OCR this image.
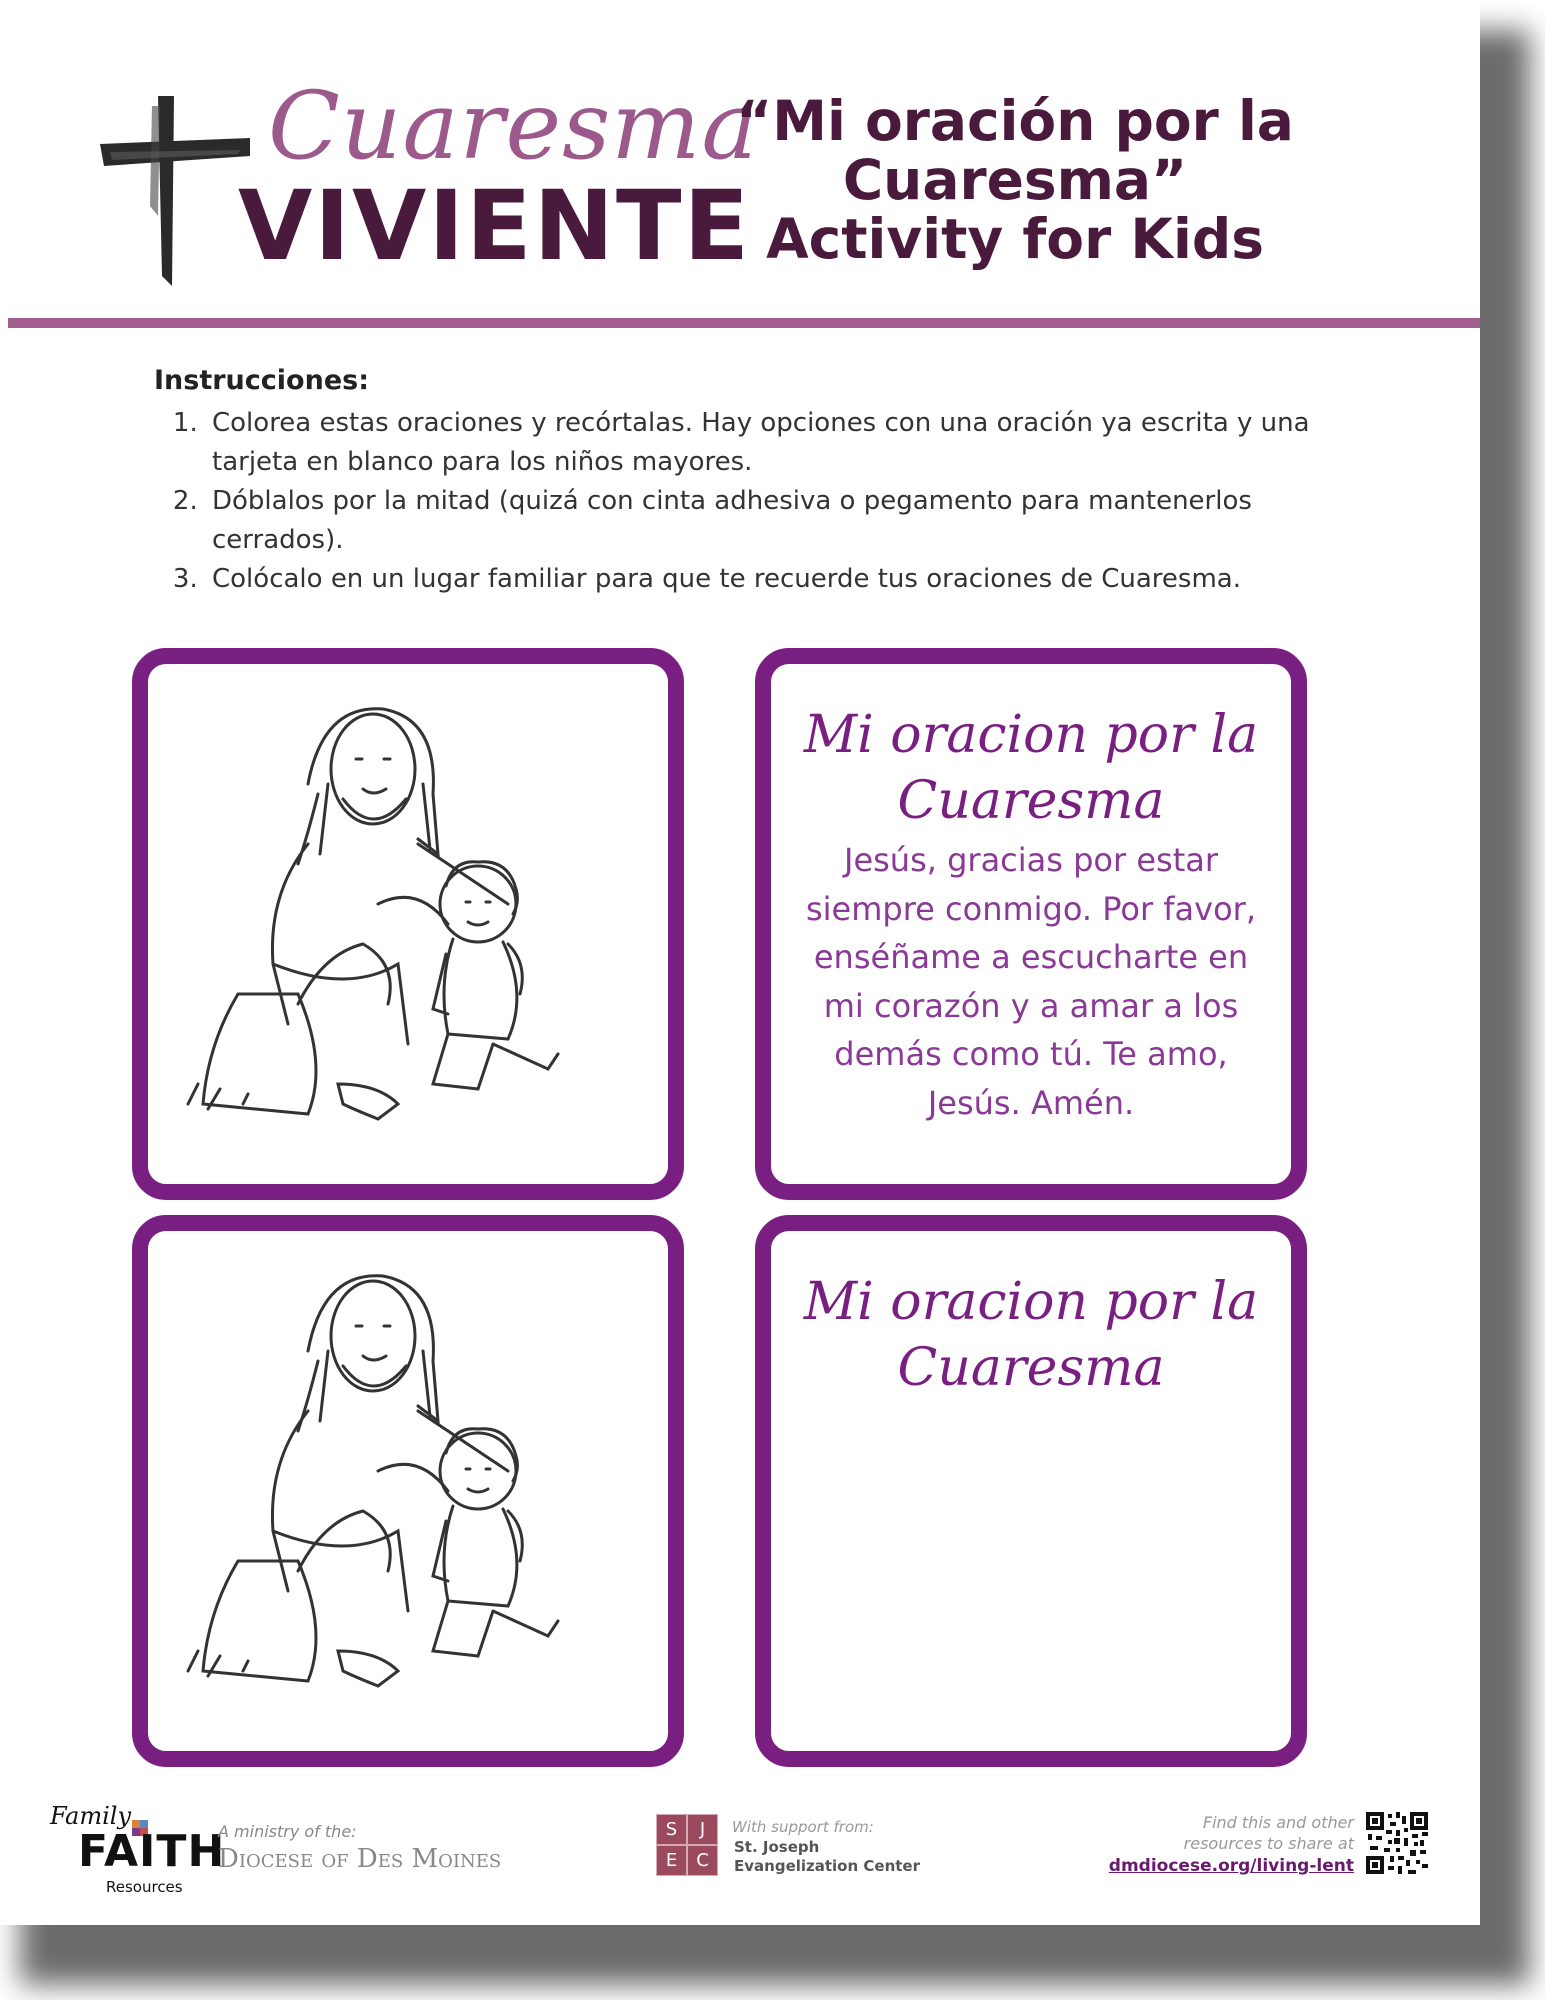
Cuaresma
VIVIENTE
“Mi oración por la
Cuaresma”
Activity for Kids
Instrucciones:
1. Colorea estas oraciones y recórtalas. Hay opciones con una oración ya escrita y una tarjeta en blanco para los niños mayores.
2. Dóblalos por la mitad (quizá con cinta adhesiva o pegamento para mantenerlos cerrados).
3. Colócalo en un lugar familiar para que te recuerde tus oraciones de Cuaresma.
Mi oracion por la
Cuaresma
Jesús, gracias por estar siempre conmigo. Por favor, enséñame a escucharte en mi corazón y a amar a los demás como tú. Te amo, Jesús. Amén.
Mi oracion por la
Cuaresma
Family
FAITH
Resources
A ministry of the:
Diocese of Des Moines
S	J
E	C
With support from:
St. Joseph
Evangelization Center
Find this and other
resources to share at
dmdiocese.org/living-lent
